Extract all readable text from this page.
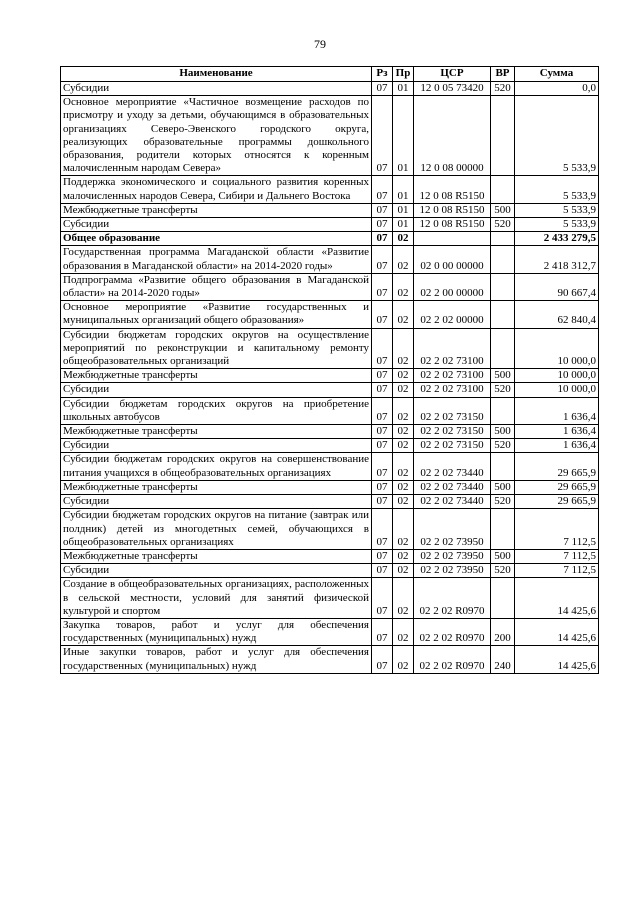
79
Наименование	Рз	Пр	ЦСР	ВР	Сумма
Субсидии	07	01	12 0 05 73420	520	0,0
Основное мероприятие «Частичное возмещение расходов по присмотру и уходу за детьми, обучающимся в образовательных организациях Северо-Эвенского городского округа, реализующих образовательные программы дошкольного образования, родители которых относятся к коренным малочисленным народам Севера»	07	01	12 0 08 00000		5 533,9
Поддержка экономического и социального развития коренных малочисленных народов Севера, Сибири и Дальнего Востока	07	01	12 0 08 R5150		5 533,9
Межбюджетные трансферты	07	01	12 0 08 R5150	500	5 533,9
Субсидии	07	01	12 0 08 R5150	520	5 533,9
Общее образование	07	02			2 433 279,5
Государственная программа Магаданской области «Развитие образования в Магаданской области» на 2014-2020 годы»	07	02	02 0 00 00000		2 418 312,7
Подпрограмма «Развитие общего образования в Магаданской области» на 2014-2020 годы»	07	02	02 2 00 00000		90 667,4
Основное мероприятие «Развитие государственных и муниципальных организаций общего образования»	07	02	02 2 02 00000		62 840,4
Субсидии бюджетам городских округов на осуществление мероприятий по реконструкции и капитальному ремонту общеобразовательных организаций	07	02	02 2 02 73100		10 000,0
Межбюджетные трансферты	07	02	02 2 02 73100	500	10 000,0
Субсидии	07	02	02 2 02 73100	520	10 000,0
Субсидии бюджетам городских округов на приобретение школьных автобусов	07	02	02 2 02 73150		1 636,4
Межбюджетные трансферты	07	02	02 2 02 73150	500	1 636,4
Субсидии	07	02	02 2 02 73150	520	1 636,4
Субсидии бюджетам городских округов на совершенствование питания учащихся в общеобразовательных организациях	07	02	02 2 02 73440		29 665,9
Межбюджетные трансферты	07	02	02 2 02 73440	500	29 665,9
Субсидии	07	02	02 2 02 73440	520	29 665,9
Субсидии бюджетам городских округов на питание (завтрак или полдник) детей из многодетных семей, обучающихся в общеобразовательных организациях	07	02	02 2 02 73950		7 112,5
Межбюджетные трансферты	07	02	02 2 02 73950	500	7 112,5
Субсидии	07	02	02 2 02 73950	520	7 112,5
Создание в общеобразовательных организациях, расположенных в сельской местности, условий для занятий физической культурой и спортом	07	02	02 2 02 R0970		14 425,6
Закупка товаров, работ и услуг для обеспечения государственных (муниципальных) нужд	07	02	02 2 02 R0970	200	14 425,6
Иные закупки товаров, работ и услуг для обеспечения государственных (муниципальных) нужд	07	02	02 2 02 R0970	240	14 425,6
